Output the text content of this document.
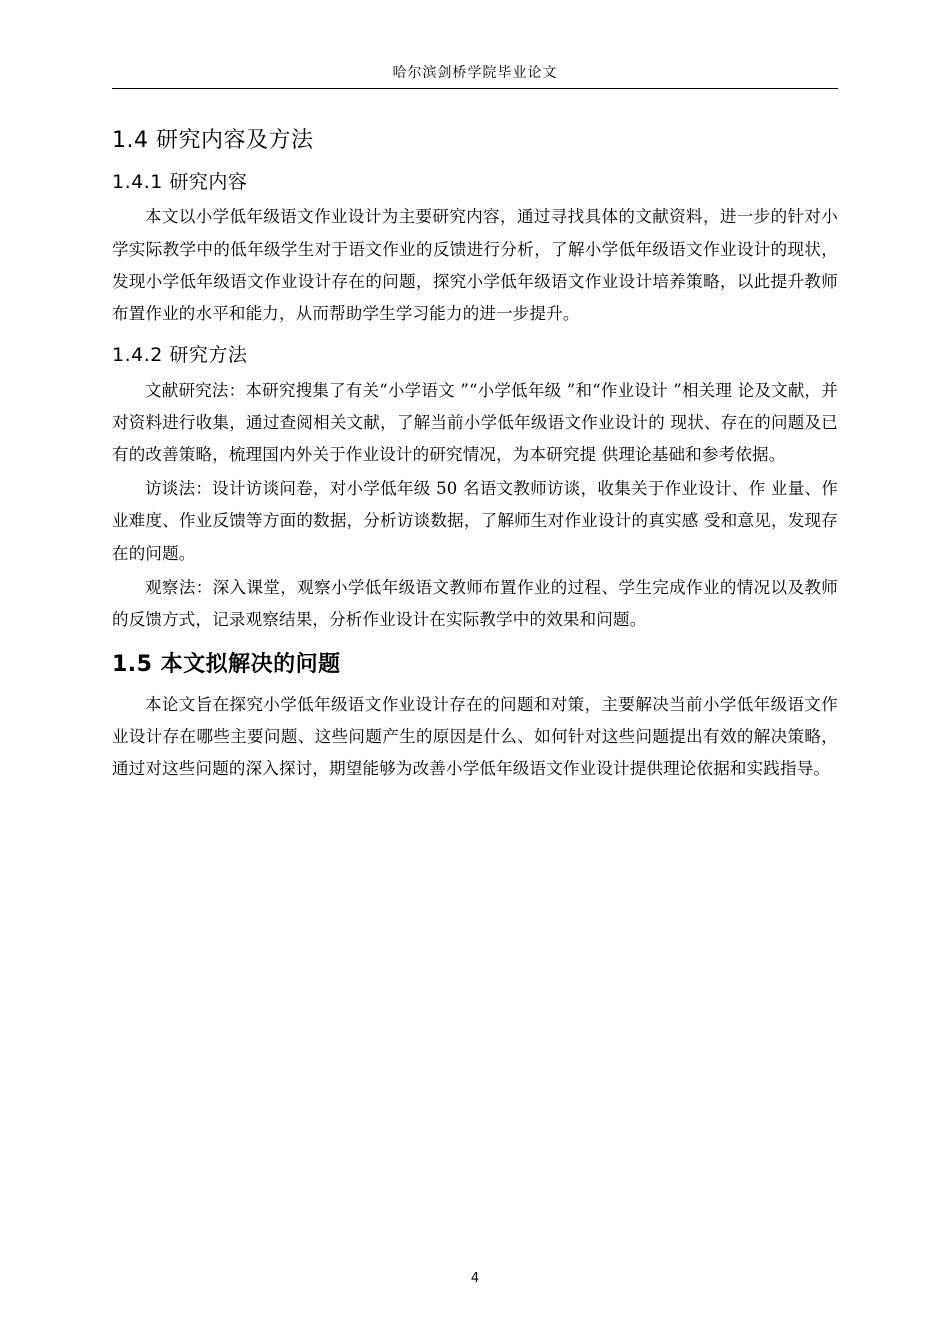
哈尔滨剑桥学院毕业论文
1.4 研究内容及方法
1.4.1 研究内容

本文以小学低年级语文作业设计为主要研究内容，通过寻找具体的文献资料，进一步的针对小学实际教学中的低年级学生对于语文作业的反馈进行分析，了解小学低年级语文作业设计的现状，发现小学低年级语文作业设计存在的问题，探究小学低年级语文作业设计培养策略，以此提升教师布置作业的水平和能力，从而帮助学生学习能力的进一步提升。

1.4.2 研究方法

文献研究法：本研究搜集了有关“小学语文 ”“小学低年级 ”和“作业设计 ”相关理 论及文献，并对资料进行收集，通过查阅相关文献，了解当前小学低年级语文作业设计的 现状、存在的问题及已有的改善策略，梳理国内外关于作业设计的研究情况，为本研究提 供理论基础和参考依据。

访谈法：设计访谈问卷，对小学低年级 50 名语文教师访谈，收集关于作业设计、作 业量、作业难度、作业反馈等方面的数据，分析访谈数据，了解师生对作业设计的真实感 受和意见，发现存在的问题。

观察法：深入课堂，观察小学低年级语文教师布置作业的过程、学生完成作业的情况以及教师的反馈方式，记录观察结果，分析作业设计在实际教学中的效果和问题。

1.5 本文拟解决的问题

本论文旨在探究小学低年级语文作业设计存在的问题和对策，主要解决当前小学低年级语文作业设计存在哪些主要问题、这些问题产生的原因是什么、如何针对这些问题提出有效的解决策略，通过对这些问题的深入探讨，期望能够为改善小学低年级语文作业设计提供理论依据和实践指导。

4
